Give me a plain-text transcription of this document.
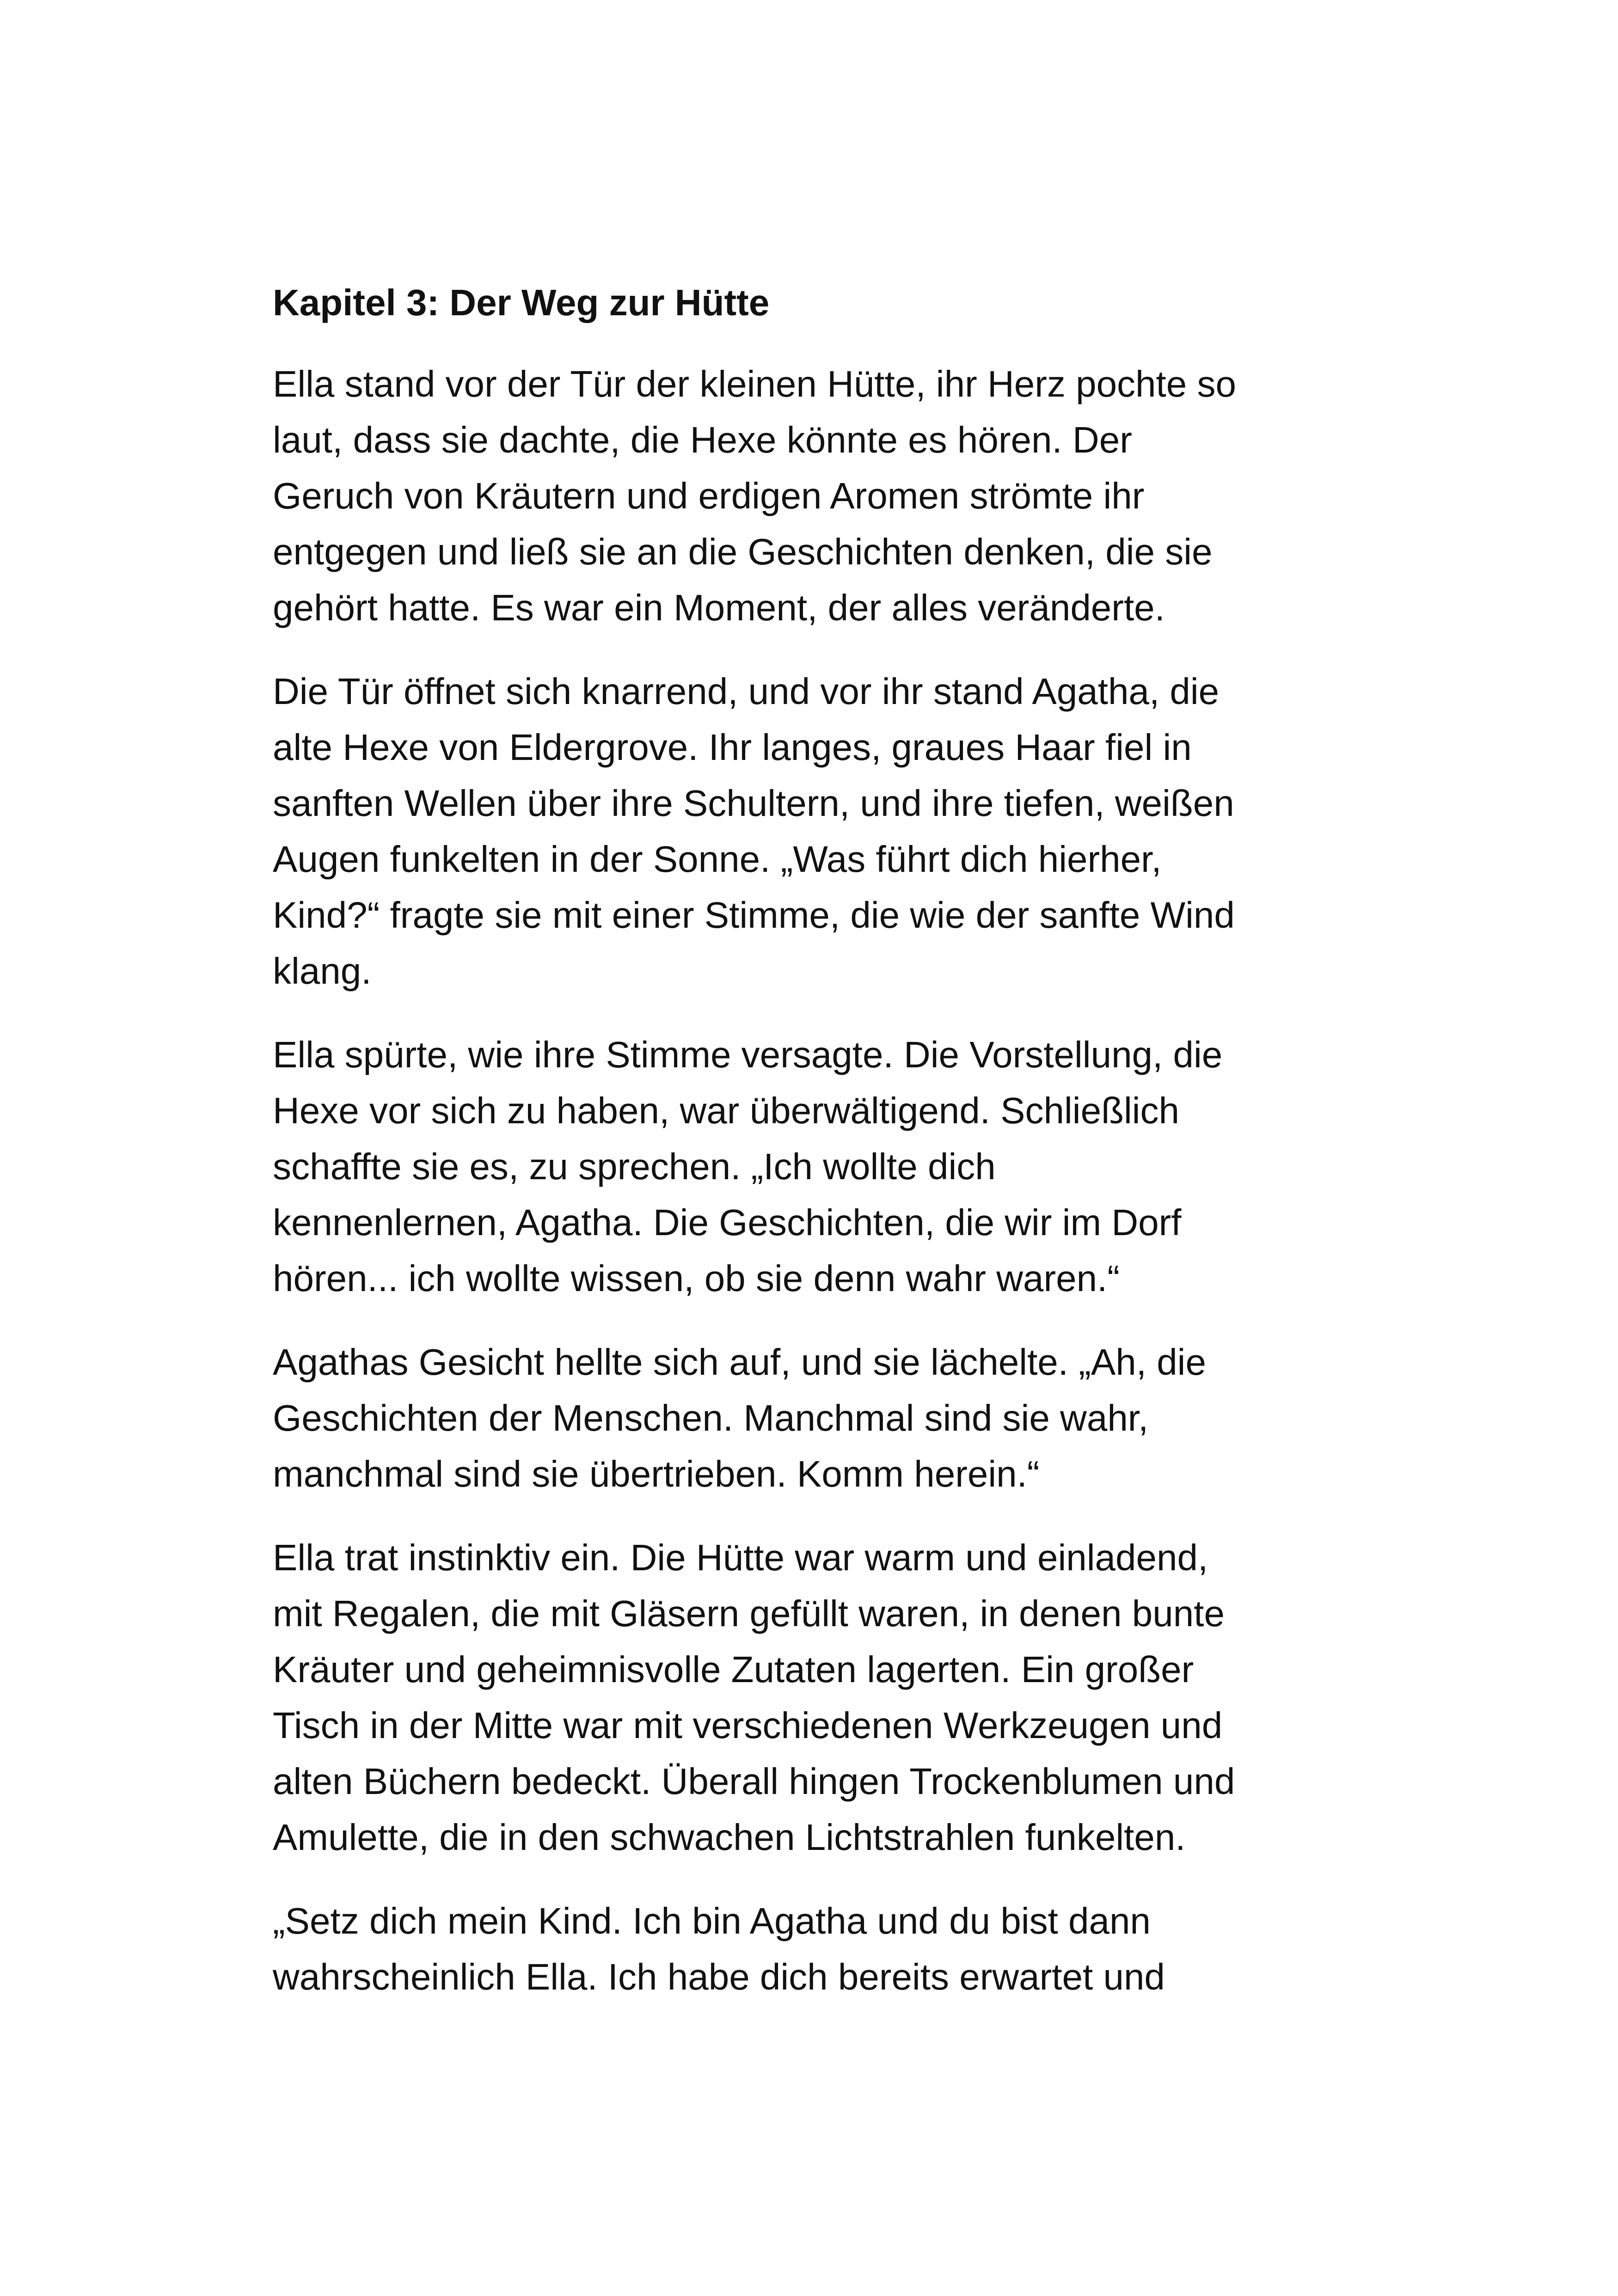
Kapitel 3: Der Weg zur Hütte

Ella stand vor der Tür der kleinen Hütte, ihr Herz pochte so
laut, dass sie dachte, die Hexe könnte es hören. Der
Geruch von Kräutern und erdigen Aromen strömte ihr
entgegen und ließ sie an die Geschichten denken, die sie
gehört hatte. Es war ein Moment, der alles veränderte.

Die Tür öffnet sich knarrend, und vor ihr stand Agatha, die
alte Hexe von Eldergrove. Ihr langes, graues Haar fiel in
sanften Wellen über ihre Schultern, und ihre tiefen, weißen
Augen funkelten in der Sonne. „Was führt dich hierher,
Kind?“ fragte sie mit einer Stimme, die wie der sanfte Wind
klang.

Ella spürte, wie ihre Stimme versagte. Die Vorstellung, die
Hexe vor sich zu haben, war überwältigend. Schließlich
schaffte sie es, zu sprechen. „Ich wollte dich
kennenlernen, Agatha. Die Geschichten, die wir im Dorf
hören... ich wollte wissen, ob sie denn wahr waren.“

Agathas Gesicht hellte sich auf, und sie lächelte. „Ah, die
Geschichten der Menschen. Manchmal sind sie wahr,
manchmal sind sie übertrieben. Komm herein.“

Ella trat instinktiv ein. Die Hütte war warm und einladend,
mit Regalen, die mit Gläsern gefüllt waren, in denen bunte
Kräuter und geheimnisvolle Zutaten lagerten. Ein großer
Tisch in der Mitte war mit verschiedenen Werkzeugen und
alten Büchern bedeckt. Überall hingen Trockenblumen und
Amulette, die in den schwachen Lichtstrahlen funkelten.

„Setz dich mein Kind. Ich bin Agatha und du bist dann
wahrscheinlich Ella. Ich habe dich bereits erwartet und
